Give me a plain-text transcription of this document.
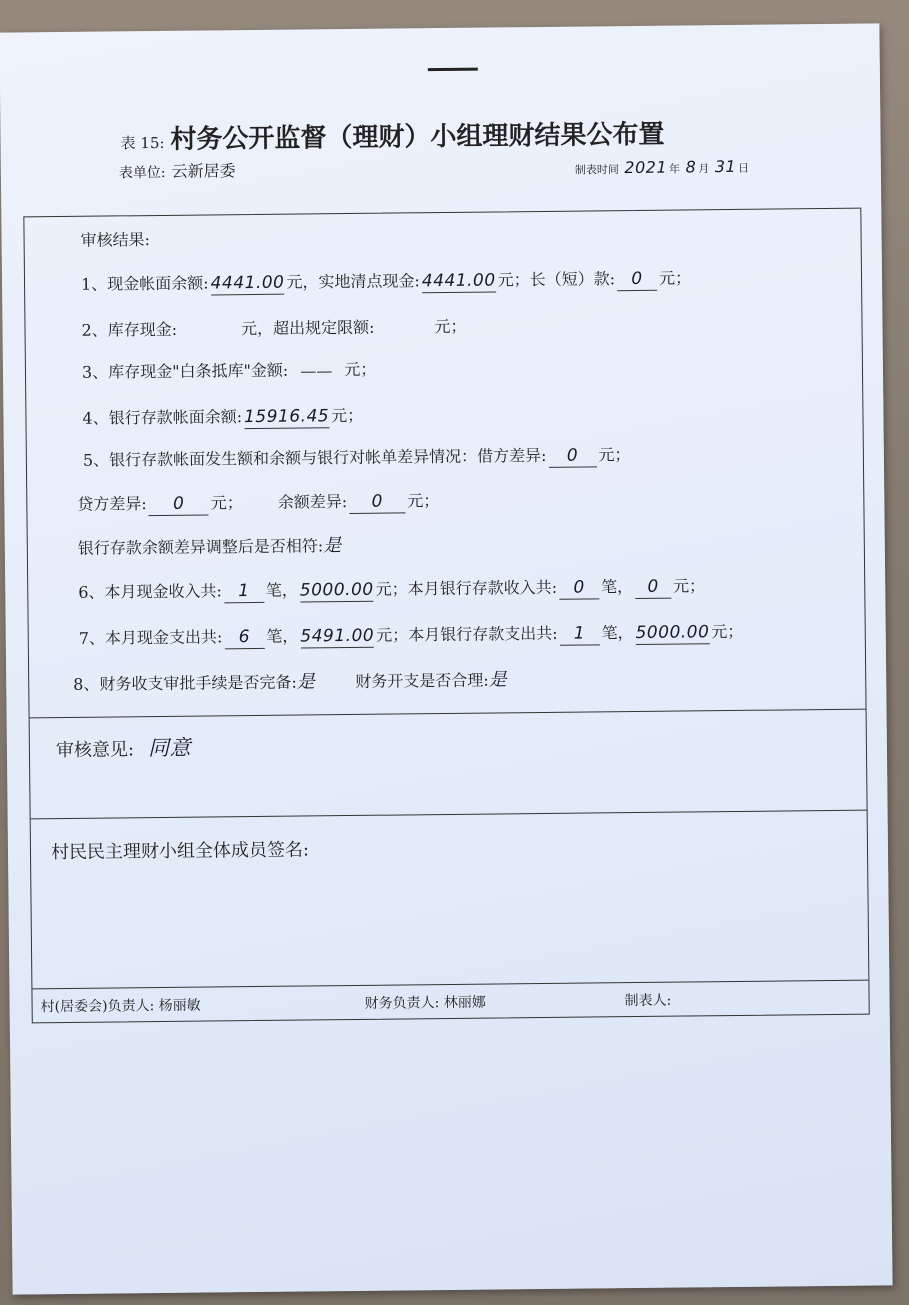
表 15: 村务公开监督（理财）小组理财结果公布置
表单位: 云新居委	制表时间 2021 年 8 月 31 日
审核结果:
1、现金帐面余额: 4441.00 元，实地清点现金: 4441.00 元；长（短）款: 0 元；
2、库存现金:	元，超出规定限额:	元；
3、库存现金"白条抵库"金额: —— 元；
4、银行存款帐面余额: 15916.45 元；
5、银行存款帐面发生额和余额与银行对帐单差异情况：借方差异: 0 元；
贷方差异: 0 元； 余额差异: 0 元；
银行存款余额差异调整后是否相符:是
6、本月现金收入共: 1 笔， 5000.00 元；本月银行存款收入共: 0 笔， 0 元；
7、本月现金支出共: 6 笔， 5491.00 元；本月银行存款支出共: 1 笔， 5000.00 元；
8、财务收支审批手续是否完备:是 财务开支是否合理:是
审核意见: 同意
村民民主理财小组全体成员签名:
村(居委会)负责人: 杨丽敏	财务负责人: 林丽娜	制表人:
